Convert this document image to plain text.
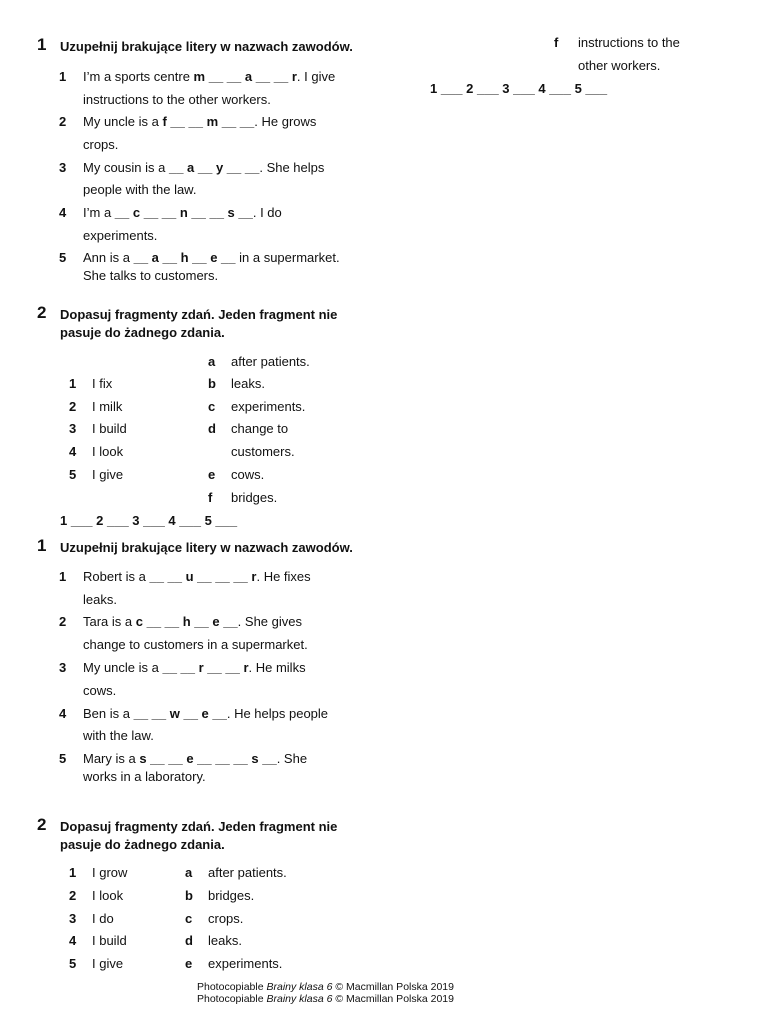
1 Uzupełnij brakujące litery w nazwach zawodów.
1 I’m a sports centre m __ __ a __ __ r. I give
instructions to the other workers.
2 My uncle is a f __ __ m __ __. He grows
crops.
3 My cousin is a __ a __ y __ __. She helps
people with the law.
4 I’m a __ c __ __ n __ __ s __. I do
experiments.
5 Ann is a __ a __ h __ e __ in a supermarket.
She talks to customers.
f instructions to the
other workers.
1 ___ 2 ___ 3 ___ 4 ___ 5 ___
2 Dopasuj fragmenty zdań. Jeden fragment nie
pasuje do żadnego zdania.
1 I fix
2 I milk
3 I build
4 I look
5 I give
a after patients.
b leaks.
c experiments.
d change to
customers.
e cows.
f bridges.
1 ___ 2 ___ 3 ___ 4 ___ 5 ___
1 Uzupełnij brakujące litery w nazwach zawodów.
1 Robert is a __ __ u __ __ __ r. He fixes
leaks.
2 Tara is a c __ __ h __ e __. She gives
change to customers in a supermarket.
3 My uncle is a __ __ r __ __ r. He milks
cows.
4 Ben is a __ __ w __ e __. He helps people
with the law.
5 Mary is a s __ __ e __ __ __ s __. She
works in a laboratory.
2 Dopasuj fragmenty zdań. Jeden fragment nie
pasuje do żadnego zdania.
1 I grow
2 I look
3 I do
4 I build
5 I give
a after patients.
b bridges.
c crops.
d leaks.
e experiments.
Photocopiable Brainy klasa 6 © Macmillan Polska 2019
Photocopiable Brainy klasa 6 © Macmillan Polska 2019
